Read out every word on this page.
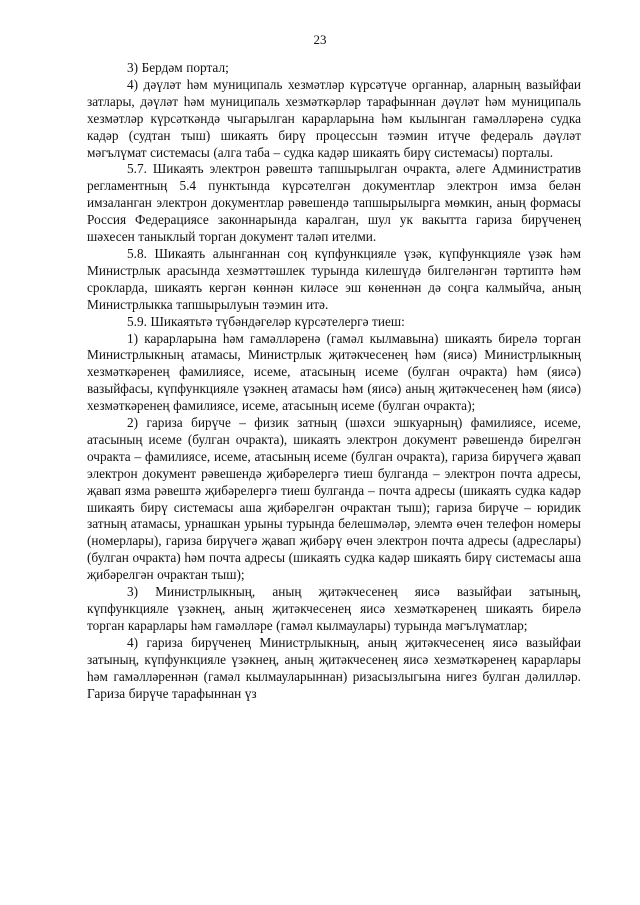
23

3) Бердәм портал;

4) дәүләт һәм муниципаль хезмәтләр күрсәтүче органнар, аларның вазыйфаи затлары, дәүләт һәм муниципаль хезмәткәрләр тарафыннан дәүләт һәм муниципаль хезмәтләр күрсәткәндә чыгарылган карарларына һәм кылынган гамәлләренә судка кадәр (судтан тыш) шикаять бирү процессын тәэмин итүче федераль дәүләт мәгълүмат системасы (алга таба – судка кадәр шикаять бирү системасы) порталы.

5.7. Шикаять электрон рәвештә тапшырылган очракта, әлеге Административ регламентның 5.4 пунктында күрсәтелгән документлар электрон имза белән имзаланган электрон документлар рәвешендә тапшырылырга мөмкин, аның формасы Россия Федерациясе законнарында каралган, шул ук вакытта гариза бирүченең шәхесен таныклый торган документ таләп ителми.

5.8. Шикаять алынганнан соң күпфункцияле үзәк, күпфункцияле үзәк һәм Министрлык арасында хезмәттәшлек турында килешүдә билгеләнгән тәртиптә һәм срокларда, шикаять кергән көннән киләсе эш көненнән дә соңга калмыйча, аның Министрлыкка тапшырылуын тәэмин итә.

5.9. Шикаятьтә түбәндәгеләр күрсәтелергә тиеш:

1) карарларына һәм гамәлләренә (гамәл кылмавына) шикаять бирелә торган Министрлыкның атамасы, Министрлык җитәкчесенең һәм (яисә) Министрлыкның хезмәткәренең фамилиясе, исеме, атасының исеме (булган очракта) һәм (яисә) вазыйфасы, күпфункцияле үзәкнең атамасы һәм (яисә) аның җитәкчесенең һәм (яисә) хезмәткәренең фамилиясе, исеме, атасының исеме (булган очракта);

2) гариза бирүче – физик затның (шәхси эшкуарның) фамилиясе, исеме, атасының исеме (булган очракта), шикаять электрон документ рәвешендә бирелгән очракта – фамилиясе, исеме, атасының исеме (булган очракта), гариза бирүчегә җавап электрон документ рәвешендә җибәрелергә тиеш булганда – электрон почта адресы, җавап язма рәвештә җибәрелергә тиеш булганда – почта адресы (шикаять судка кадәр шикаять бирү системасы аша җибәрелгән очрактан тыш); гариза бирүче – юридик затның атамасы, урнашкан урыны турында белешмәләр, элемтә өчен телефон номеры (номерлары), гариза бирүчегә җавап җибәрү өчен электрон почта адресы (адреслары) (булган очракта) һәм почта адресы (шикаять судка кадәр шикаять бирү системасы аша җибәрелгән очрактан тыш);

3) Министрлыкның, аның җитәкчесенең яисә вазыйфаи затының, күпфункцияле үзәкнең, аның җитәкчесенең яисә хезмәткәренең шикаять бирелә торган карарлары һәм гамәлләре (гамәл кылмаулары) турында мәгълүматлар;

4) гариза бирүченең Министрлыкның, аның җитәкчесенең яисә вазыйфаи затының, күпфункцияле үзәкнең, аның җитәкчесенең яисә хезмәткәренең карарлары һәм гамәлләреннән (гамәл кылмауларыннан) ризасызлыгына нигез булган дәлилләр. Гариза бирүче тарафыннан үз
